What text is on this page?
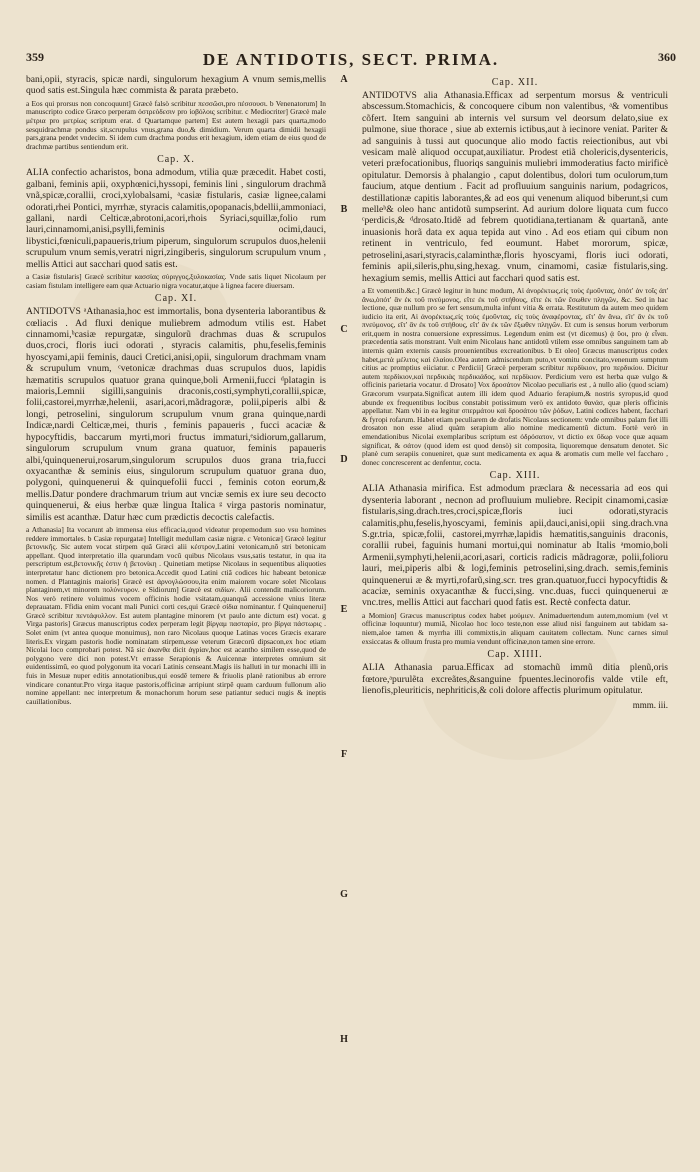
359	DE ANTIDOTIS, SECT. PRIMA.	360

bani,opii, styracis, spicæ nardi, singulorum hexagium A vnum semis,mellis quod satis est.Singula hæc commista & parata præbeto.

a Eos qui prorsus non concoquunt] Græcè falsò scribitur πεσσῶσι,pro πέσσουσι. b Venenatorum] In manuscripto codice Græco perperam ὀστρεὸδεσιν pro ἰοβόλοις scribitur. c Mediocriter] Græcè male μέτρια pro μετρίως scriptum erat. d Quartamque partem] Est autem hexagii pars quarta,modo sesquidrachmæ pondus sit,scrupulus vnus,grana duo,& dimidium. Verum quarta dimidii hexagii pars,grana pendet vndecim. Si idem cum drachma pondus erit hexagium, idem etiam de eius quod de drachmæ partibus sentiendum erit.

Cap. X.

ALIA confectio acharistos, bona admodum, vtilia quæ præcedit. Habet costi, galbani, feminis apii, oxyphœnici,hyssopi, feminis lini , singulorum drachmã vnã,spicæ,corallii, croci,xylobalsami, ᵃcasiæ fistularis, casiæ lignee,calami odorati,rhei Pontici, myrrhæ, styracis calamitis,opopanacis,bdellii,ammoniaci, gallani, nardi Celticæ,abrotoni,acori,rhois Syriaci,squillæ,folio rum lauri,cinnamomi,anisi,psylli,feminis ocimi,dauci, libystici,fœniculi,papaueris,trium piperum, singulorum scrupulos duos,helenii scrupulum vnum semis,veratri nigri,zingiberis, singulorum scrupulum vnum , mellis Attici aut sacchari quod satis est.

a Casiæ fistularis] Græcè scribitur κασσίας σύριγγος,ξυλοκασίας. Vnde satis liquet Nicolaum per casiam fistulam intelligere eam quæ Actuario nigra vocatur,atque à lignea facere diuersam.

Cap. XI.

ANTIDOTVS ᵃAthanasia,hoc est immortalis, bona dysenteria laborantibus & cœliacis . Ad fluxi denique muliebrem admodum vtilis est. Habet cinnamomi,ᵇcasiæ repurgatæ, singulorũ drachmas duas & scrupulos duos,croci, floris iuci odorati , styracis calamitis, phu,feselis,feminis hyoscyami,apii feminis, dauci Cretici,anisi,opii, singulorum drachmam vnam & scrupulum vnum, ᶜvetonicæ drachmas duas scrupulos duos, lapidis hæmatitis scrupulos quatuor grana quinque,boli Armenii,fucci ᵈplatagin is maioris,Lemnii sigilli,sanguinis draconis,costi,symphyti,corallii,spicæ, folii,castorei,myrrhæ,helenii, asari,acori,mãdragoræ, polii,piperis albi & longi, petroselini, singulorum scrupulum vnum grana quinque,nardi Indicæ,nardi Celticæ,mei, thuris , feminis papaueris , fucci acaciæ & hypocyftidis, baccarum myrti,mori fructus immaturi,ᵉsidiorum,gallarum, singulorum scrupulum vnum grana quatuor, feminis papaueris albi,ᶠquinquenerui,rosarum,singulorum scrupulos duos grana tria,fucci oxyacanthæ & seminis eius, singulorum scrupulum quatuor grana duo, polygoni, quinquenerui & quinquefolii fucci , feminis coton eorum,& mellis.Datur pondere drachmarum trium aut vnciæ semis ex iure seu decocto quinquenerui, & eius herbæ quæ lingua Italica ᵍ virga pastoris nominatur, similis est acanthæ. Datur hæc cum prædictis decoctis calefactis.

a Athanasia] Ita vocarunt ab immensa eius efficacia,quod videatur propemodum suo vsu homines reddere immortales. b Casiæ repurgatæ] Intelligit medullam casiæ nigræ. c Vetonicæ] Græcè legitur βετονικῆς. Sic autem vocat stirpem quã Græci alii κέστρον,Latini vetonicam,nõ stri betonicam appellant. Quod interpretatio illa quarundam vocû quibus Nicolaus vsus,satis testatur, in qua ita perscriptum est,βετονικῆς ἐστιν ἡ βετονίκη . Quinetiam metipse Nicolaus in sequentibus aliquoties interpretatur hanc dictionem pro betonica.Accedit quod Latini ctiã codices hic habeant betonicæ nomen. d Plantaginis maioris] Græcè est ἀρνογλώσσου,ita enim maiorem vocare solet Nicolaus plantaginem,vt minorem πολύνευρον. e Sidiorum] Græcè est σιδίων. Alii contendit malicoriorum. Nos verò retinere voluimus vocem officinis hodie vsitatam,quanquã accessione vnius literæ deprauatam. Ffidia enim vocant mali Punici corti ces,qui Græcè σίδια nominantur. f Quinquenerui] Græcè scribitur πεντάφυλλον. Est autem plantagine minorem (vt paulo ante dictum est) vocat. g Virga pastoris] Græcus manuscriptus codex perperam legit βίργαμ πασταρίσ, pro βίργα πάστωρις . Solet enim (vt antea quoque monuimus), non raro Nicolaus quoque Latinas voces Græcis exarare literis.Ex virgam pastoris hodie nominatam stirpem,esse veterum Græcorũ dipsacon,ex hoc etiam Nicolai loco comprobari potest. Nã sic ἀκανθα dicit ἀγρίαν,hoc est acantho similem esse,quod de polygono vere dici non potest.Vt errasse Serapionis & Auicennæ interpretes omnium sit euidentissimũ, eo quod polygonum ita vocari Latinis censeant.Magis iis halluti in tur monachi illi in fuis in Mesuæ nuper editis annotationibus,qui eosdẽ temere & friuolis planè rationibus ab errore vindicare conantur.Pro virga itaque pastoris,officinæ arripiunt stirpẽ quam carduum fullonum alio nomine appellant: nec interpretum & monachorum horum sese patiantur seduci nugis & ineptis cauillationibus.

A
B
C
D
E
F
G
H
Cap. XII.

ANTIDOTVS alia Athanasia.Efficax ad serpentum morsus & ventriculi abscessum.Stomachicis, & concoquere cibum non valentibus, ᵃ& vomentibus cõfert. Item sanguini ab internis vel sursum vel deorsum delato,siue ex pulmone, siue thorace , siue ab externis ictibus,aut à iecinore veniat. Pariter & ad sanguinis à tussi aut quocunque alio modo factis reiectionibus, aut vbi vesicam malè aliquod occupat,auxiliatur. Prodest etiã cholericis,dysentericis, veteri præfocationibus, fluoriqs sanguinis muliebri immoderatius facto mirificè opitulatur. Demorsis à phalangio , caput dolentibus, dolori tum oculorum,tum faucium, atque dentium . Facit ad profluuium sanguinis narium, podagricos, destillationæ capitis laborantes,& ad eos qui venenum aliquod biberunt,si cum melleᵇ& oleo hanc antidotũ sumpserint. Ad aurium dolore liquata cum fucco ᶜperdicis,& ᵈdrosato.Itidẽ ad febrem quotidiana,tertianam & quartanã, ante inuasionis horã data ex aqua tepida aut vino . Ad eos etiam qui cibum non retinent in ventriculo, fed eoumunt. Habet mororum, spicæ, petroselini,asari,styracis,calaminthæ,floris hyoscyami, floris iuci odorati, feminis apii,sileris,phu,sing,hexag. vnum, cinamomi, casiæ fistularis,sing. hexagium semis, mellis Attici aut facchari quod satis est.

a Et vomentib.&c.] Græcè legitur in hunc modum, Αἱ ἀνορέκτως,εἰς τοὺς ἐμοῦντας, ὁπότ' ἀν τοῖς ἀπ' ἄνω,ὁπότ' ἂν ἐκ τοῦ πνεύμονος, εἴτε ἐκ τοῦ στήθους, εἴτε ἐκ τῶν ἔσωθεν πληγῶν, &c. Sed in hac lectione, quæ nullum pro se fert sensum,multa infunt vitia & errata. Restitutum da autem meo quidem iudicio ita erit, Αἱ ἀνορέκτως,εἰς τοὺς ἐμοῦντας, εἰς τοὺς ἀναφέροντας, εἴτ' ἂν ἄνω, εἴτ' ἂν ἐκ τοῦ πνεύμονος, εἴτ' ἂν ἐκ τοῦ στήθους, εἴτ' ἂν ἐκ τῶν ἔξωθεν πληγῶν. Et cum is sensus horum verborum erit,quem in nostra conuersione expressimus. Legendum enim est (vt dicemus) ᾀ ὕοι, pro ᾀ εἶναι. præcedentia satis monstrant. Vult enim Nicolaus hanc antidotũ vtilem esse omnibus sanguinem tam ab internis quàm externis causis prouenientibus excreationibus. b Et oleo] Græcus manuscriptus codex habet,μετὰ μέλιτος καὶ ἐλαίου.Olea autem admiscendum puto,vt vomitu concitato,venenum sumptum citius ac promptius eiiciatur. c Perdicii] Græcè perperam scribitur περδίκιον, pro περδικίου. Dicitur autem περδίκιον,καὶ περδικιὰς περδικιάδος, καὶ περδίκιον. Perdicium vero est herba quæ vulgo & officinis parietaria vocatur. d Drosato] Vox δροσάτον Nicolao peculiaris est , à nullo alio (quod sciam) Græcorum vsurpata.Significat autem illi idem quod Aduario ferapium,& nostris syropus,id quod abunde ex frequentibus locibus constabit potissimum verò ex antidoto θανάσ, quæ plerís officinis appellatur. Nam vbi in ea legitur σπερμάτου καὶ δροσάτου τῶν ῥόδων, Latini codices habent, facchari & fyropi rofarum. Habet etiam peculiarem de drofatis Nicolaus sectionem: vnde omnibus palam fiet illi drosaton non esse aliud quàm serapium alio nomine medicamentũ dictum. Fortè verò in emendationibus Nicolai exemplaribus scriptum est ὀδρόσατον, vt dictio ex ὕδωρ voce quæ aquam significat, & σάτον (quod idem est quod densò) sit composita, liquoremque densatum denotet. Sic planè cum serapiis conueniret, quæ sunt medicamenta ex aqua & aromatis cum melle vel faccharo , donec concrescerent ac denfentur, cocta.

Cap. XIII.

ALIA Athanasia mirifica. Est admodum præclara & necessaria ad eos qui dysenteria laborant , necnon ad profluuium muliebre. Recipit cinamomi,casiæ fistularis,sing.drach.tres,croci,spicæ,floris iuci odorati,styracis calamitis,phu,feselis,hyoscyami, feminis apii,dauci,anisi,opii sing.drach.vna S.gr.tria, spicæ,folii, castorei,myrrhæ,lapidis hæmatitis,sanguinis draconis, corallii rubei, faguinis humani mortui,qui nominatur ab Italis ᵃmomio,boli Armenii,symphyti,helenii,acori,asari, corticis radicis mãdragoræ, polii,folioru lauri, mei,piperis albi & logi,feminis petroselini,sing.drach. semis,feminis quinquenerui æ & myrti,rofarũ,sing.scr. tres gran.quatuor,fucci hypocyftidis & acaciæ, seminis oxyacanthæ & fucci,sing. vnc.duas, fucci quinquenerui æ vnc.tres, mellis Attici aut facchari quod fatis est. Rectè confecta datur.

a Momion] Græcus manuscriptus codex habet μούμιεν. Animaduertendum autem,momium (vel vt officinæ loquuntur) mumiã, Nicolao hoc loco teste,non esse aliud nisi fanguinem aut tabidam sa-niem,aloe tamen & myrrha illi commixtis,in aliquam cauitatem collectam. Nunc carnes simul exsiccatas & olluum frusta pro mumia vendunt officinæ,non tamen sine errore.

Cap. XIIII.

ALIA Athanasia parua.Efficax ad stomachũ immũ ditia plenũ,oris fœtore,ᵃpurulẽta excreãtes,&sanguine fpuentes.lecinorofis valde vtile eft, lienofis,pleuriticis, nephriticis,& coli dolore affectis plurimum opitulatur.

mmm. iii.
